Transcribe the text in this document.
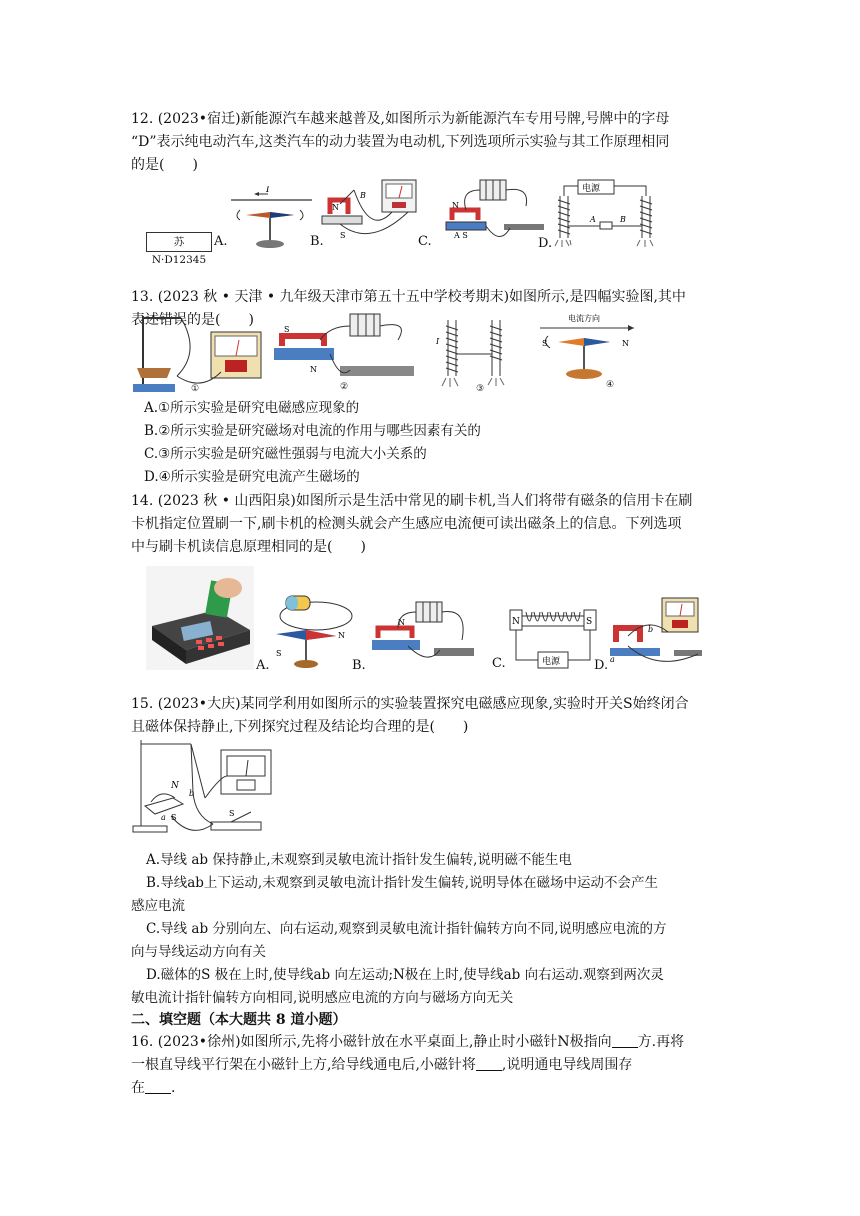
12. (2023•宿迁)新能源汽车越来越普及,如图所示为新能源汽车专用号牌,号牌中的字母
“D”表示纯电动汽车,这类汽车的动力装置为电动机,下列选项所示实验与其工作原理相同
的是(　　)
苏N·D12345
I
A.
N
B
S
B.
N
A S
C.
电源
A	B
D.
13. (2023 秋 • 天津 • 九年级天津市第五十五中学校考期末)如图所示,是四幅实验图,其中
表述错误的是(　　)
①
S
N
②
I
③
电流方向
S	N
④
A.①所示实验是研究电磁感应现象的
B.②所示实验是研究磁场对电流的作用与哪些因素有关的
C.③所示实验是研究磁性强弱与电流大小关系的
D.④所示实验是研究电流产生磁场的
14. (2023 秋 • 山西阳泉)如图所示是生活中常见的刷卡机,当人们将带有磁条的信用卡在刷
卡机指定位置刷一下,刷卡机的检测头就会产生感应电流便可读出磁条上的信息。下列选项
中与刷卡机读信息原理相同的是(　　)
A.
N
S
B.
N
C.
N	S
电源	D. a
b
15. (2023•大庆)某同学利用如图所示的实验装置探究电磁感应现象,实验时开关S始终闭合
且磁体保持静止,下列探究过程及结论均合理的是(　　)
N
S
a
b
S
A.导线 ab 保持静止,未观察到灵敏电流计指针发生偏转,说明磁不能生电
B.导线ab上下运动,未观察到灵敏电流计指针发生偏转,说明导体在磁场中运动不会产生
感应电流
C.导线 ab 分别向左、向右运动,观察到灵敏电流计指针偏转方向不同,说明感应电流的方
向与导线运动方向有关
D.磁体的S 极在上时,使导线ab 向左运动;N极在上时,使导线ab 向右运动.观察到两次灵
敏电流计指针偏转方向相同,说明感应电流的方向与磁场方向无关
二、填空题（本大题共 8 道小题）
16. (2023•徐州)如图所示,先将小磁针放在水平桌面上,静止时小磁针N极指向 方.再将
一根直导线平行架在小磁针上方,给导线通电后,小磁针将 ,说明通电导线周围存
在 .
